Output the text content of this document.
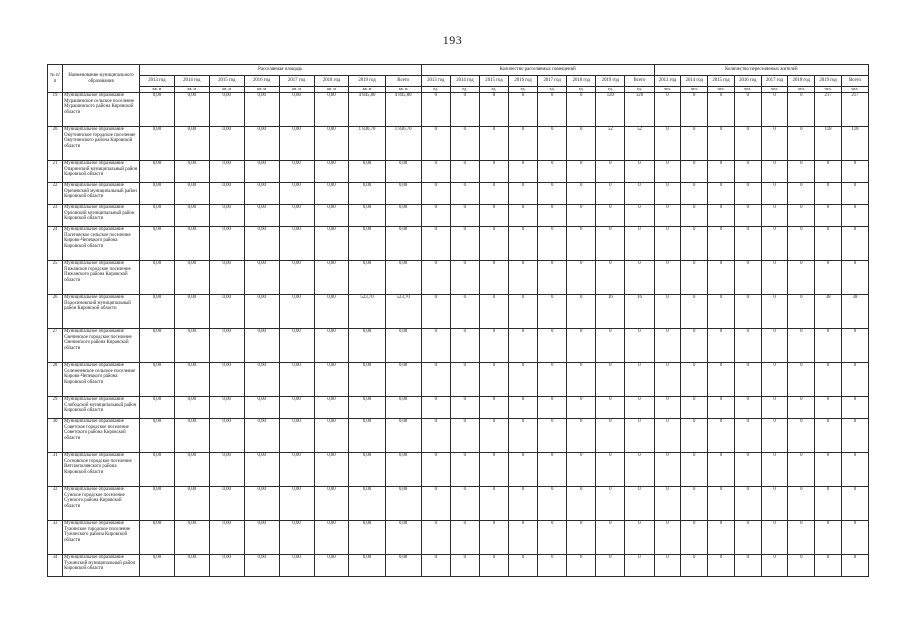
193
№ п/п	Наименование муниципального образования	Расселяемая площадь								Количество расселяемых помещений								Количество переселяемых жителей							
		2013 год	2014 год	2015 год	2016 год	2017 год	2018 год	2019 год	Всего	2013 год	2014 год	2015 год	2016 год	2017 год	2018 год	2019 год	Всего	2013 год	2014 год	2015 год	2016 год	2017 год	2018 год	2019 год	Всего
		кв. м	кв. м	кв. м	кв. м	кв. м	кв. м	кв. м	кв. м	ед.	ед.	ед.	ед.	ед.	ед.	ед.	ед.	чел.	чел.	чел.	чел.	чел.	чел.	чел.	чел.
19	Муниципальное образование Мурашинское сельское поселение Мурашинского района Кировской области	0,00	0,00	0,00	0,00	0,00	0,00	4 845,80	4 845,80	0	0	0	0	0	0	120	120	0	0	0	0	0	0	217	217
20	Муниципальное образование Омутнинское городское поселение Омутнинского района Кировской области	0,00	0,00	0,00	0,00	0,00	0,00	1 836,70	1 836,70	0	0	0	0	0	0	52	52	0	0	0	0	0	0	118	118
21	Муниципальное образование Опаринский муниципальный район Кировской области	0,00	0,00	0,00	0,00	0,00	0,00	0,00	0,00	0	0	0	0	0	0	0	0	0	0	0	0	0	0	0	0
22	Муниципальное образование Оричевский муниципальный район Кировской области	0,00	0,00	0,00	0,00	0,00	0,00	0,00	0,00	0	0	0	0	0	0	0	0	0	0	0	0	0	0	0	0
23	Муниципальное образование Орловский муниципальный район Кировской области	0,00	0,00	0,00	0,00	0,00	0,00	0,00	0,00	0	0	0	0	0	0	0	0	0	0	0	0	0	0	0	0
24	Муниципальное образование Пасеговское сельское поселение Кирово-Чепецкого района Кировской области	0,00	0,00	0,00	0,00	0,00	0,00	0,00	0,00	0	0	0	0	0	0	0	0	0	0	0	0	0	0	0	0
25	Муниципальное образование Пижанское городское поселение Пижанского района Кировской области	0,00	0,00	0,00	0,00	0,00	0,00	0,00	0,00	0	0	0	0	0	0	0	0	0	0	0	0	0	0	0	0
26	Муниципальное образование Подосиновский муниципальный район Кировской области	0,00	0,00	0,00	0,00	0,00	0,00	523,70	523,70	0	0	0	0	0	0	16	16	0	0	0	0	0	0	38	38
27	Муниципальное образование Свечинское городское поселение Свечинского района Кировской области	0,00	0,00	0,00	0,00	0,00	0,00	0,00	0,00	0	0	0	0	0	0	0	0	0	0	0	0	0	0	0	0
28	Муниципальное образование Селезеневское сельское поселение Кирово-Чепецкого района Кировской области	0,00	0,00	0,00	0,00	0,00	0,00	0,00	0,00	0	0	0	0	0	0	0	0	0	0	0	0	0	0	0	0
29	Муниципальное образование Слободской муниципальный район Кировской области	0,00	0,00	0,00	0,00	0,00	0,00	0,00	0,00	0	0	0	0	0	0	0	0	0	0	0	0	0	0	0	0
30	Муниципальное образование Советское городское поселение Советского района Кировской области	0,00	0,00	0,00	0,00	0,00	0,00	0,00	0,00	0	0	0	0	0	0	0	0	0	0	0	0	0	0	0	0
31	Муниципальное образование Сосновское городское поселение Вятскополянского района Кировской области	0,00	0,00	0,00	0,00	0,00	0,00	0,00	0,00	0	0	0	0	0	0	0	0	0	0	0	0	0	0	0	0
32	Муниципальное образование Сунское городское поселение Сунского района Кировской области	0,00	0,00	0,00	0,00	0,00	0,00	0,00	0,00	0	0	0	0	0	0	0	0	0	0	0	0	0	0	0	0
33	Муниципальное образование Тужинское городское поселение Тужинского района Кировской области	0,00	0,00	0,00	0,00	0,00	0,00	0,00	0,00	0	0	0	0	0	0	0	0	0	0	0	0	0	0	0	0
34	Муниципальное образование Тужинский муниципальный район Кировской области	0,00	0,00	0,00	0,00	0,00	0,00	0,00	0,00	0	0	0	0	0	0	0	0	0	0	0	0	0	0	0	0
